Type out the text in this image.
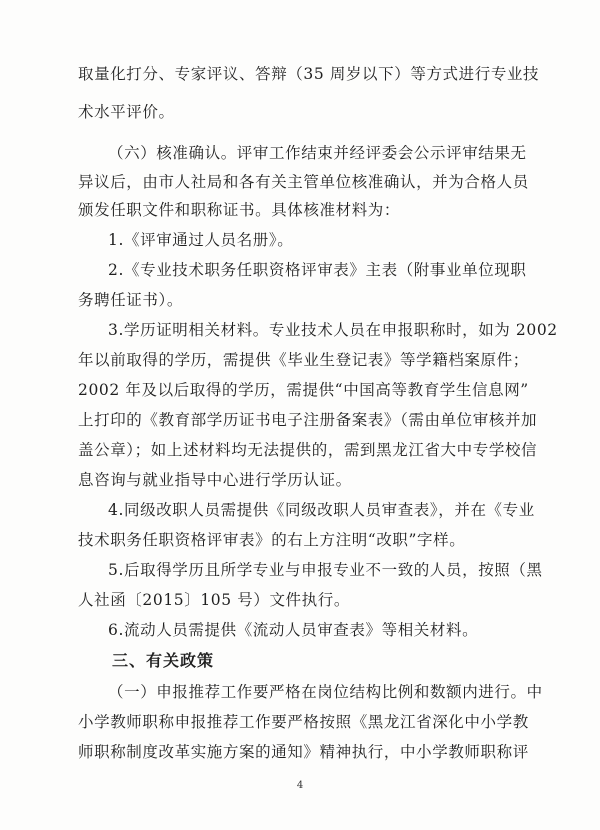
取量化打分、专家评议、答辩（35 周岁以下）等方式进行专业技
术水平评价。
（六）核准确认。评审工作结束并经评委会公示评审结果无
异议后，由市人社局和各有关主管单位核准确认，并为合格人员
颁发任职文件和职称证书。具体核准材料为：
1.《评审通过人员名册》。
2.《专业技术职务任职资格评审表》主表（附事业单位现职
务聘任证书）。
3.学历证明相关材料。专业技术人员在申报职称时，如为 2002
年以前取得的学历，需提供《毕业生登记表》等学籍档案原件；
2002 年及以后取得的学历，需提供“中国高等教育学生信息网”
上打印的《教育部学历证书电子注册备案表》（需由单位审核并加
盖公章）；如上述材料均无法提供的，需到黑龙江省大中专学校信
息咨询与就业指导中心进行学历认证。
4.同级改职人员需提供《同级改职人员审查表》，并在《专业
技术职务任职资格评审表》的右上方注明“改职”字样。
5.后取得学历且所学专业与申报专业不一致的人员，按照（黑
人社函〔2015〕105 号）文件执行。
6.流动人员需提供《流动人员审查表》等相关材料。
三、有关政策
（一）申报推荐工作要严格在岗位结构比例和数额内进行。中
小学教师职称申报推荐工作要严格按照《黑龙江省深化中小学教
师职称制度改革实施方案的通知》精神执行，中小学教师职称评
4
